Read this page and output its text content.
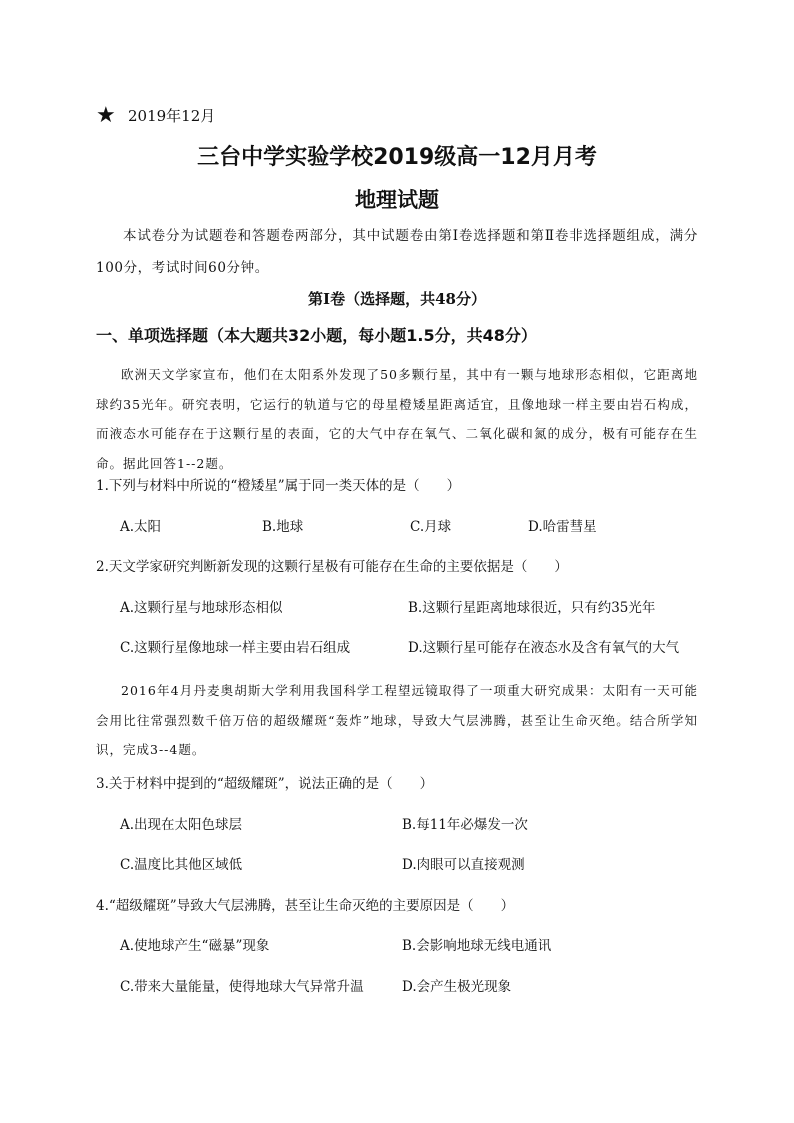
★ 2019年12月
三台中学实验学校2019级高一12月月考
地理试题
本试卷分为试题卷和答题卷两部分，其中试题卷由第Ⅰ卷选择题和第Ⅱ卷非选择题组成，满分100分，考试时间60分钟。
第Ⅰ卷（选择题，共48分）
一、单项选择题（本大题共32小题，每小题1.5分，共48分）
欧洲天文学家宣布，他们在太阳系外发现了50多颗行星，其中有一颗与地球形态相似，它距离地球约35光年。研究表明，它运行的轨道与它的母星橙矮星距离适宜，且像地球一样主要由岩石构成，而液态水可能存在于这颗行星的表面，它的大气中存在氧气、二氧化碳和氮的成分，极有可能存在生命。据此回答1--2题。
1.下列与材料中所说的“橙矮星”属于同一类天体的是（　　）
A.太阳	B.地球	C.月球	D.哈雷彗星
2.天文学家研究判断新发现的这颗行星极有可能存在生命的主要依据是（　　）
A.这颗行星与地球形态相似	B.这颗行星距离地球很近，只有约35光年
C.这颗行星像地球一样主要由岩石组成	D.这颗行星可能存在液态水及含有氧气的大气
2016年4月丹麦奥胡斯大学利用我国科学工程望远镜取得了一项重大研究成果：太阳有一天可能会用比往常强烈数千倍万倍的超级耀斑“轰炸”地球，导致大气层沸腾，甚至让生命灭绝。结合所学知识，完成3--4题。
3.关于材料中提到的“超级耀斑”，说法正确的是（　　）
A.出现在太阳色球层	B.每11年必爆发一次
C.温度比其他区域低	D.肉眼可以直接观测
4.“超级耀斑”导致大气层沸腾，甚至让生命灭绝的主要原因是（　　）
A.使地球产生“磁暴”现象	B.会影响地球无线电通讯
C.带来大量能量，使得地球大气异常升温	D.会产生极光现象
